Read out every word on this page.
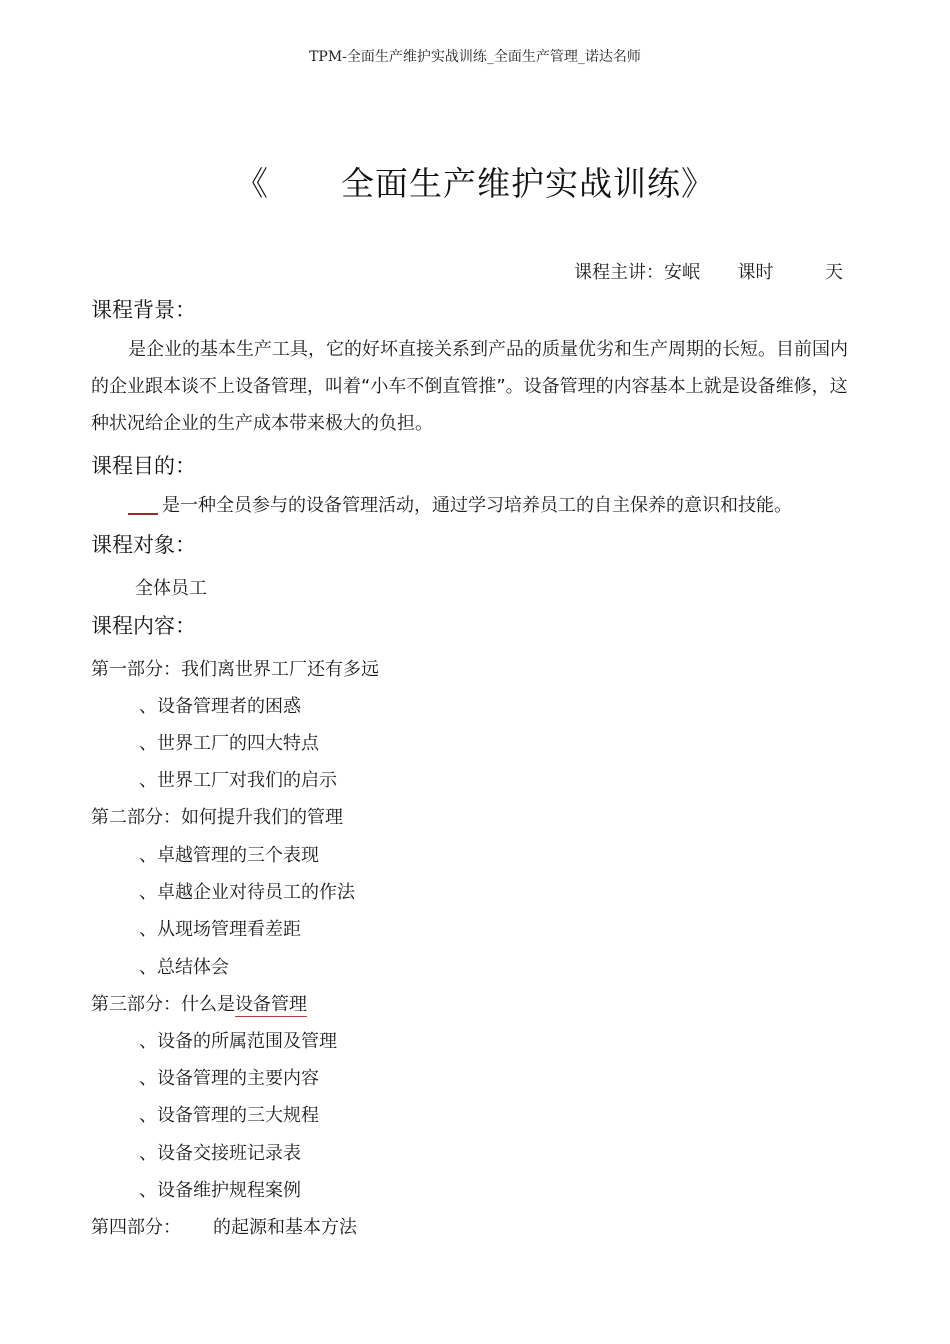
TPM-全面生产维护实战训练_全面生产管理_诺达名师
《 全面生产维护实战训练》
课程主讲：安岷 课时	天
课程背景：
是企业的基本生产工具，它的好坏直接关系到产品的质量优劣和生产周期的长短。目前国内的企业跟本谈不上设备管理，叫着“小车不倒直管推”。设备管理的内容基本上就是设备维修，这种状况给企业的生产成本带来极大的负担。
课程目的：
是一种全员参与的设备管理活动，通过学习培养员工的自主保养的意识和技能。
课程对象：
全体员工
课程内容：
第一部分：我们离世界工厂还有多远
、设备管理者的困惑
、世界工厂的四大特点
、世界工厂对我们的启示
第二部分：如何提升我们的管理
、卓越管理的三个表现
、卓越企业对待员工的作法
、从现场管理看差距
、总结体会
第三部分：什么是设备管理
、设备的所属范围及管理
、设备管理的主要内容
、设备管理的三大规程
、设备交接班记录表
、设备维护规程案例
第四部分： 的起源和基本方法
